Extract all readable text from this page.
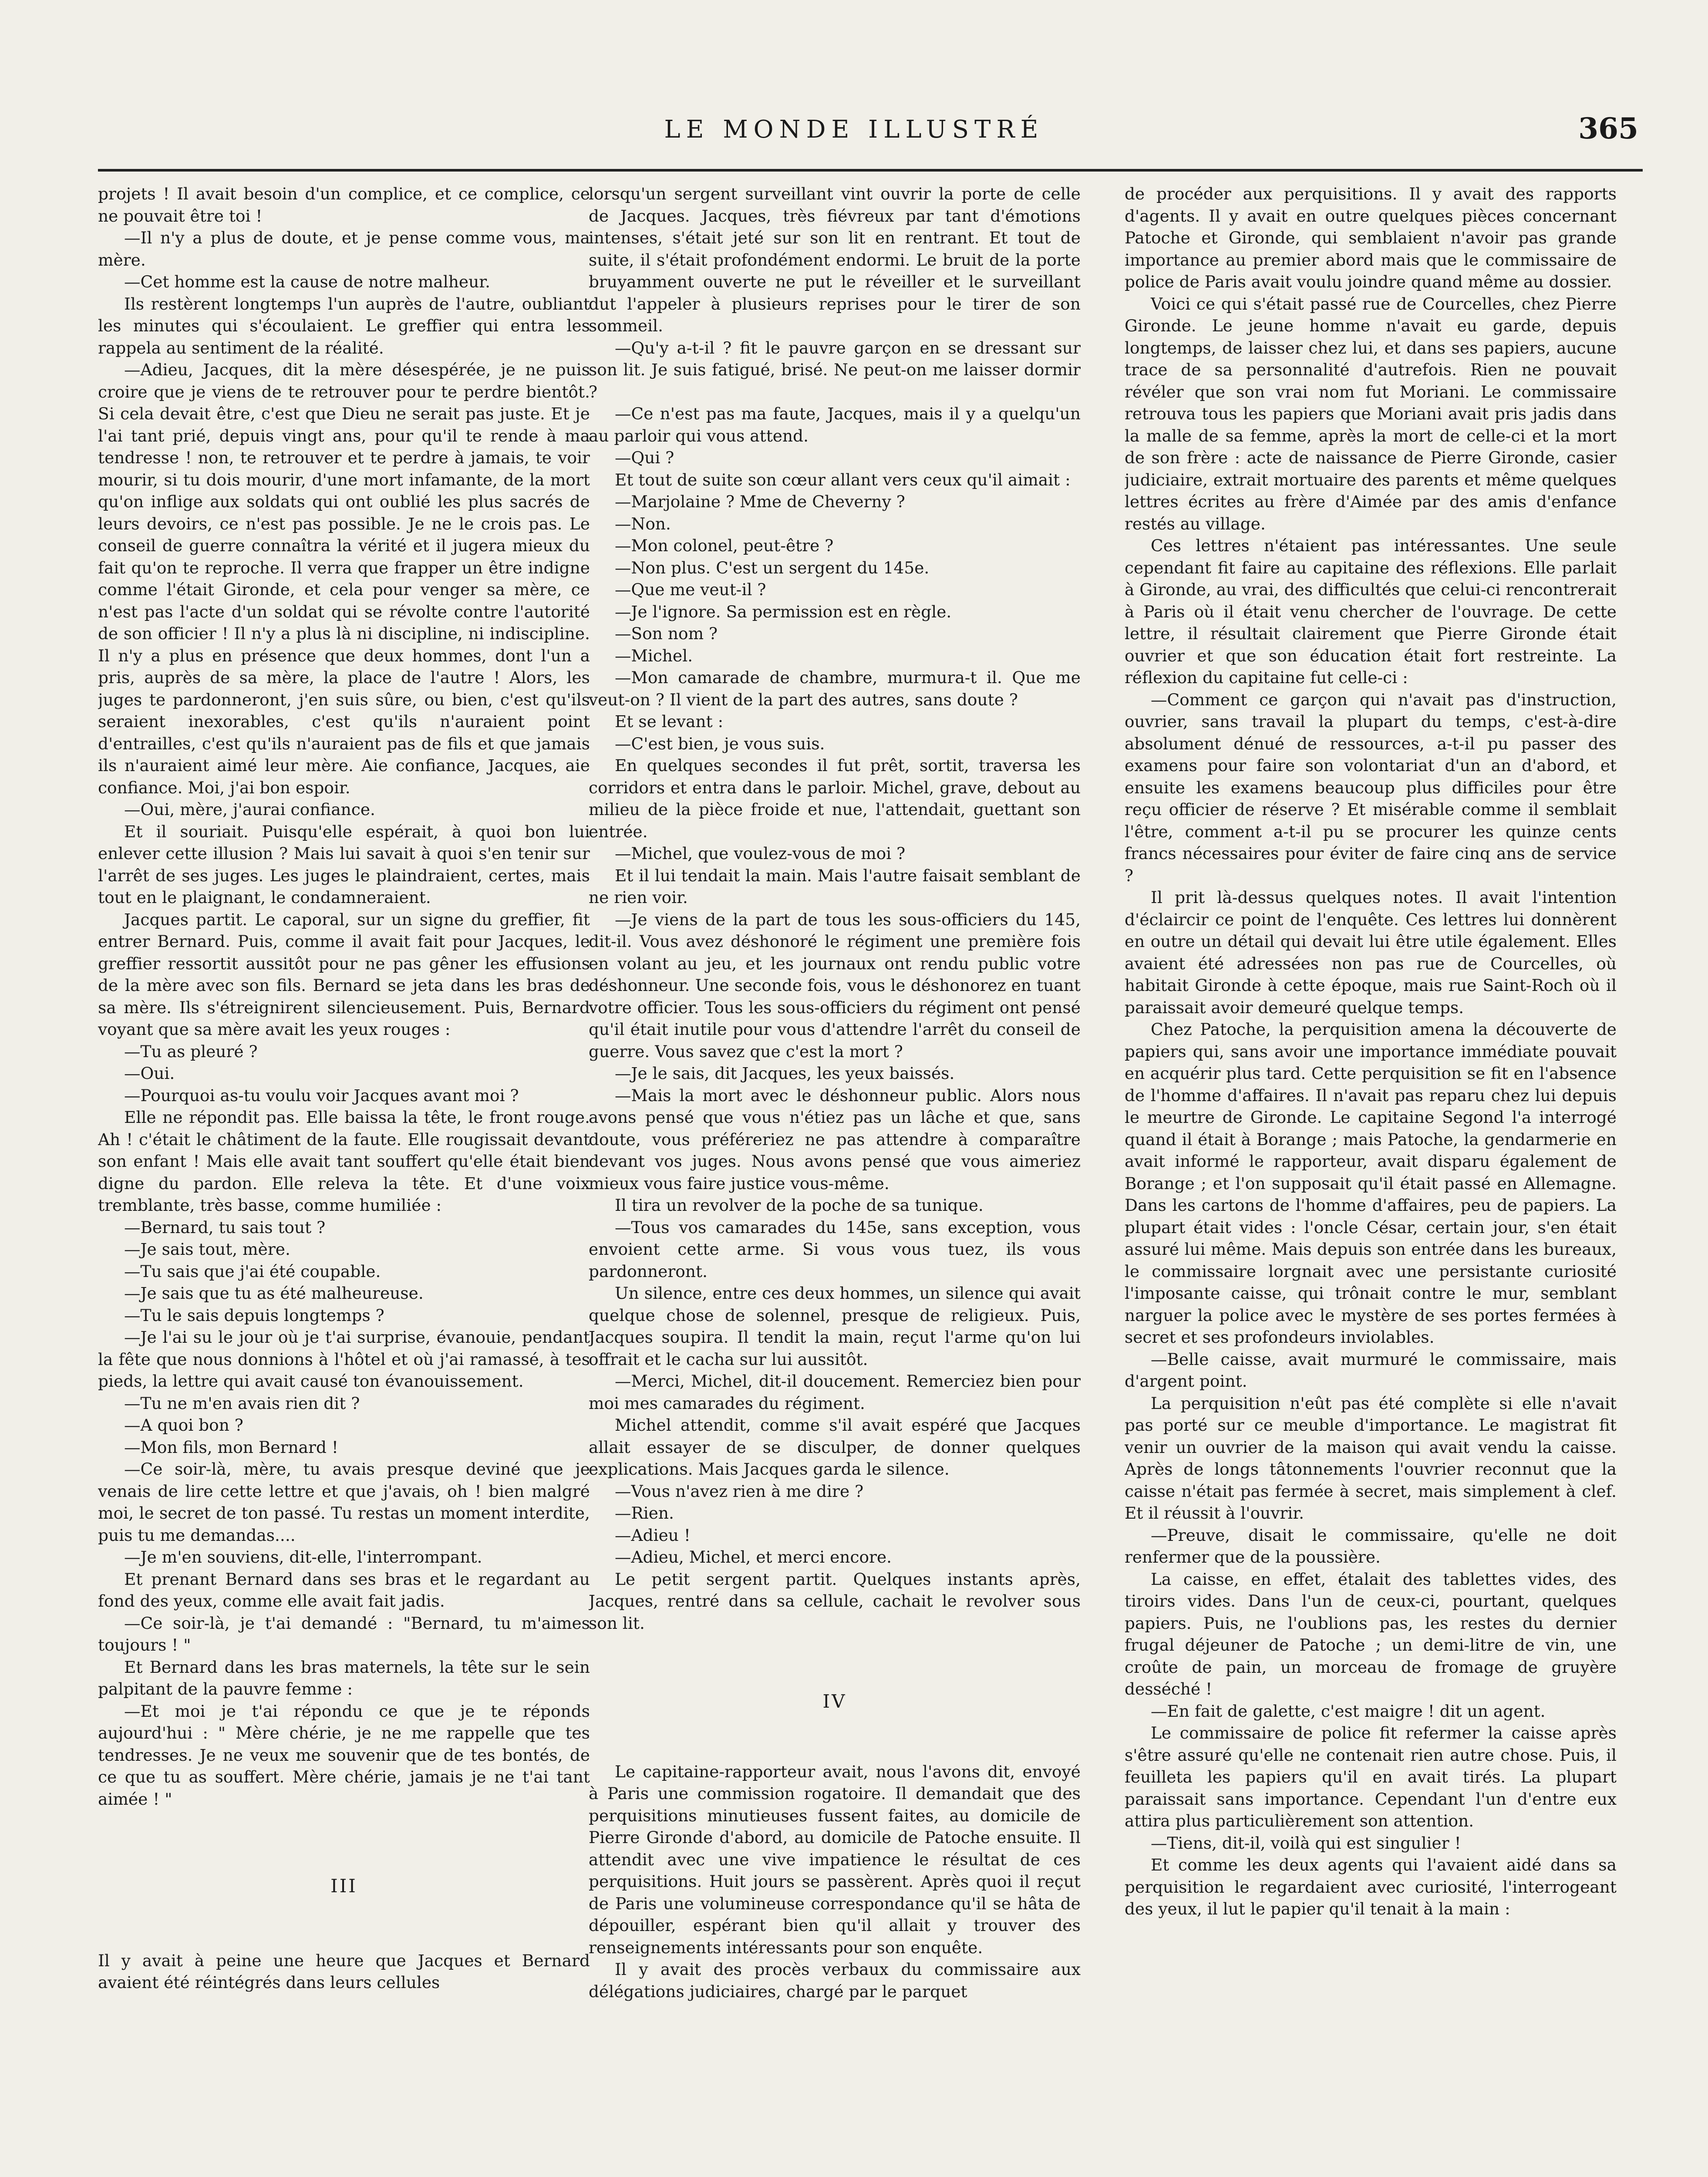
LE MONDE ILLUSTRÉ	365

projets ! Il avait besoin d'un complice, et ce complice, ce ne pouvait être toi !

—Il n'y a plus de doute, et je pense comme vous, ma mère.

—Cet homme est la cause de notre malheur.

Ils restèrent longtemps l'un auprès de l'autre, oubliant les minutes qui s'écoulaient. Le greffier qui entra les rappela au sentiment de la réalité.

—Adieu, Jacques, dit la mère désespérée, je ne puis croire que je viens de te retrouver pour te perdre bientôt. Si cela devait être, c'est que Dieu ne serait pas juste. Et je l'ai tant prié, depuis vingt ans, pour qu'il te rende à ma tendresse ! non, te retrouver et te perdre à jamais, te voir mourir, si tu dois mourir, d'une mort infamante, de la mort qu'on inflige aux soldats qui ont oublié les plus sacrés de leurs devoirs, ce n'est pas possible. Je ne le crois pas. Le conseil de guerre connaîtra la vérité et il jugera mieux du fait qu'on te reproche. Il verra que frapper un être indigne comme l'était Gironde, et cela pour venger sa mère, ce n'est pas l'acte d'un soldat qui se révolte contre l'autorité de son officier ! Il n'y a plus là ni discipline, ni indiscipline. Il n'y a plus en présence que deux hommes, dont l'un a pris, auprès de sa mère, la place de l'autre ! Alors, les juges te pardonneront, j'en suis sûre, ou bien, c'est qu'ils seraient inexorables, c'est qu'ils n'auraient point d'entrailles, c'est qu'ils n'auraient pas de fils et que jamais ils n'auraient aimé leur mère. Aie confiance, Jacques, aie confiance. Moi, j'ai bon espoir.

—Oui, mère, j'aurai confiance.

Et il souriait. Puisqu'elle espérait, à quoi bon lui enlever cette illusion ? Mais lui savait à quoi s'en tenir sur l'arrêt de ses juges. Les juges le plaindraient, certes, mais tout en le plaignant, le condamneraient.

Jacques partit. Le caporal, sur un signe du greffier, fit entrer Bernard. Puis, comme il avait fait pour Jacques, le greffier ressortit aussitôt pour ne pas gêner les effusions de la mère avec son fils. Bernard se jeta dans les bras de sa mère. Ils s'étreignirent silencieusement. Puis, Bernard voyant que sa mère avait les yeux rouges :

—Tu as pleuré ?

—Oui.

—Pourquoi as-tu voulu voir Jacques avant moi ?

Elle ne répondit pas. Elle baissa la tête, le front rouge. Ah ! c'était le châtiment de la faute. Elle rougissait devant son enfant ! Mais elle avait tant souffert qu'elle était bien digne du pardon. Elle releva la tête. Et d'une voix tremblante, très basse, comme humiliée :

—Bernard, tu sais tout ?

—Je sais tout, mère.

—Tu sais que j'ai été coupable.

—Je sais que tu as été malheureuse.

—Tu le sais depuis longtemps ?

—Je l'ai su le jour où je t'ai surprise, évanouie, pendant la fête que nous donnions à l'hôtel et où j'ai ramassé, à tes pieds, la lettre qui avait causé ton évanouissement.

—Tu ne m'en avais rien dit ?

—A quoi bon ?

—Mon fils, mon Bernard !

—Ce soir-là, mère, tu avais presque deviné que je venais de lire cette lettre et que j'avais, oh ! bien malgré moi, le secret de ton passé. Tu restas un moment interdite, puis tu me demandas....

—Je m'en souviens, dit-elle, l'interrompant.

Et prenant Bernard dans ses bras et le regardant au fond des yeux, comme elle avait fait jadis.

—Ce soir-là, je t'ai demandé : "Bernard, tu m'aimes toujours ! "

Et Bernard dans les bras maternels, la tête sur le sein palpitant de la pauvre femme :

—Et moi je t'ai répondu ce que je te réponds aujourd'hui : " Mère chérie, je ne me rappelle que tes tendresses. Je ne veux me souvenir que de tes bontés, de ce que tu as souffert. Mère chérie, jamais je ne t'ai tant aimée ! "

III

Il y avait à peine une heure que Jacques et Bernard avaient été réintégrés dans leurs cellules

lorsqu'un sergent surveillant vint ouvrir la porte de celle de Jacques. Jacques, très fiévreux par tant d'émotions intenses, s'était jeté sur son lit en rentrant. Et tout de suite, il s'était profondément endormi. Le bruit de la porte bruyamment ouverte ne put le réveiller et le surveillant dut l'appeler à plusieurs reprises pour le tirer de son sommeil.

—Qu'y a-t-il ? fit le pauvre garçon en se dressant sur son lit. Je suis fatigué, brisé. Ne peut-on me laisser dormir ?

—Ce n'est pas ma faute, Jacques, mais il y a quelqu'un au parloir qui vous attend.

—Qui ?

Et tout de suite son cœur allant vers ceux qu'il aimait :

—Marjolaine ? Mme de Cheverny ?

—Non.

—Mon colonel, peut-être ?

—Non plus. C'est un sergent du 145e.

—Que me veut-il ?

—Je l'ignore. Sa permission est en règle.

—Son nom ?

—Michel.

—Mon camarade de chambre, murmura-t il. Que me veut-on ? Il vient de la part des autres, sans doute ?

Et se levant :

—C'est bien, je vous suis.

En quelques secondes il fut prêt, sortit, traversa les corridors et entra dans le parloir. Michel, grave, debout au milieu de la pièce froide et nue, l'attendait, guettant son entrée.

—Michel, que voulez-vous de moi ?

Et il lui tendait la main. Mais l'autre faisait semblant de ne rien voir.

—Je viens de la part de tous les sous-officiers du 145, dit-il. Vous avez déshonoré le régiment une première fois en volant au jeu, et les journaux ont rendu public votre déshonneur. Une seconde fois, vous le déshonorez en tuant votre officier. Tous les sous-officiers du régiment ont pensé qu'il était inutile pour vous d'attendre l'arrêt du conseil de guerre. Vous savez que c'est la mort ?

—Je le sais, dit Jacques, les yeux baissés.

—Mais la mort avec le déshonneur public. Alors nous avons pensé que vous n'étiez pas un lâche et que, sans doute, vous préféreriez ne pas attendre à comparaître devant vos juges. Nous avons pensé que vous aimeriez mieux vous faire justice vous-même.

Il tira un revolver de la poche de sa tunique.

—Tous vos camarades du 145e, sans exception, vous envoient cette arme. Si vous vous tuez, ils vous pardonneront.

Un silence, entre ces deux hommes, un silence qui avait quelque chose de solennel, presque de religieux. Puis, Jacques soupira. Il tendit la main, reçut l'arme qu'on lui offrait et le cacha sur lui aussitôt.

—Merci, Michel, dit-il doucement. Remerciez bien pour moi mes camarades du régiment.

Michel attendit, comme s'il avait espéré que Jacques allait essayer de se disculper, de donner quelques explications. Mais Jacques garda le silence.

—Vous n'avez rien à me dire ?

—Rien.

—Adieu !

—Adieu, Michel, et merci encore.

Le petit sergent partit. Quelques instants après, Jacques, rentré dans sa cellule, cachait le revolver sous son lit.

IV

Le capitaine-rapporteur avait, nous l'avons dit, envoyé à Paris une commission rogatoire. Il demandait que des perquisitions minutieuses fussent faites, au domicile de Pierre Gironde d'abord, au domicile de Patoche ensuite. Il attendit avec une vive impatience le résultat de ces perquisitions. Huit jours se passèrent. Après quoi il reçut de Paris une volumineuse correspondance qu'il se hâta de dépouiller, espérant bien qu'il allait y trouver des renseignements intéressants pour son enquête.

Il y avait des procès verbaux du commissaire aux délégations judiciaires, chargé par le parquet

de procéder aux perquisitions. Il y avait des rapports d'agents. Il y avait en outre quelques pièces concernant Patoche et Gironde, qui semblaient n'avoir pas grande importance au premier abord mais que le commissaire de police de Paris avait voulu joindre quand même au dossier.

Voici ce qui s'était passé rue de Courcelles, chez Pierre Gironde. Le jeune homme n'avait eu garde, depuis longtemps, de laisser chez lui, et dans ses papiers, aucune trace de sa personnalité d'autrefois. Rien ne pouvait révéler que son vrai nom fut Moriani. Le commissaire retrouva tous les papiers que Moriani avait pris jadis dans la malle de sa femme, après la mort de celle-ci et la mort de son frère : acte de naissance de Pierre Gironde, casier judiciaire, extrait mortuaire des parents et même quelques lettres écrites au frère d'Aimée par des amis d'enfance restés au village.

Ces lettres n'étaient pas intéressantes. Une seule cependant fit faire au capitaine des réflexions. Elle parlait à Gironde, au vrai, des difficultés que celui-ci rencontrerait à Paris où il était venu chercher de l'ouvrage. De cette lettre, il résultait clairement que Pierre Gironde était ouvrier et que son éducation était fort restreinte. La réflexion du capitaine fut celle-ci :

—Comment ce garçon qui n'avait pas d'instruction, ouvrier, sans travail la plupart du temps, c'est-à-dire absolument dénué de ressources, a-t-il pu passer des examens pour faire son volontariat d'un an d'abord, et ensuite les examens beaucoup plus difficiles pour être reçu officier de réserve ? Et misérable comme il semblait l'être, comment a-t-il pu se procurer les quinze cents francs nécessaires pour éviter de faire cinq ans de service ?

Il prit là-dessus quelques notes. Il avait l'intention d'éclaircir ce point de l'enquête. Ces lettres lui donnèrent en outre un détail qui devait lui être utile également. Elles avaient été adressées non pas rue de Courcelles, où habitait Gironde à cette époque, mais rue Saint-Roch où il paraissait avoir demeuré quelque temps.

Chez Patoche, la perquisition amena la découverte de papiers qui, sans avoir une importance immédiate pouvait en acquérir plus tard. Cette perquisition se fit en l'absence de l'homme d'affaires. Il n'avait pas reparu chez lui depuis le meurtre de Gironde. Le capitaine Segond l'a interrogé quand il était à Borange ; mais Patoche, la gendarmerie en avait informé le rapporteur, avait disparu également de Borange ; et l'on supposait qu'il était passé en Allemagne. Dans les cartons de l'homme d'affaires, peu de papiers. La plupart était vides : l'oncle César, certain jour, s'en était assuré lui même. Mais depuis son entrée dans les bureaux, le commissaire lorgnait avec une persistante curiosité l'imposante caisse, qui trônait contre le mur, semblant narguer la police avec le mystère de ses portes fermées à secret et ses profondeurs inviolables.

—Belle caisse, avait murmuré le commissaire, mais d'argent point.

La perquisition n'eût pas été complète si elle n'avait pas porté sur ce meuble d'importance. Le magistrat fit venir un ouvrier de la maison qui avait vendu la caisse. Après de longs tâtonnements l'ouvrier reconnut que la caisse n'était pas fermée à secret, mais simplement à clef. Et il réussit à l'ouvrir.

—Preuve, disait le commissaire, qu'elle ne doit renfermer que de la poussière.

La caisse, en effet, étalait des tablettes vides, des tiroirs vides. Dans l'un de ceux-ci, pourtant, quelques papiers. Puis, ne l'oublions pas, les restes du dernier frugal déjeuner de Patoche ; un demi-litre de vin, une croûte de pain, un morceau de fromage de gruyère desséché !

—En fait de galette, c'est maigre ! dit un agent.

Le commissaire de police fit refermer la caisse après s'être assuré qu'elle ne contenait rien autre chose. Puis, il feuilleta les papiers qu'il en avait tirés. La plupart paraissait sans importance. Cependant l'un d'entre eux attira plus particulièrement son attention.

—Tiens, dit-il, voilà qui est singulier !

Et comme les deux agents qui l'avaient aidé dans sa perquisition le regardaient avec curiosité, l'interrogeant des yeux, il lut le papier qu'il tenait à la main :
